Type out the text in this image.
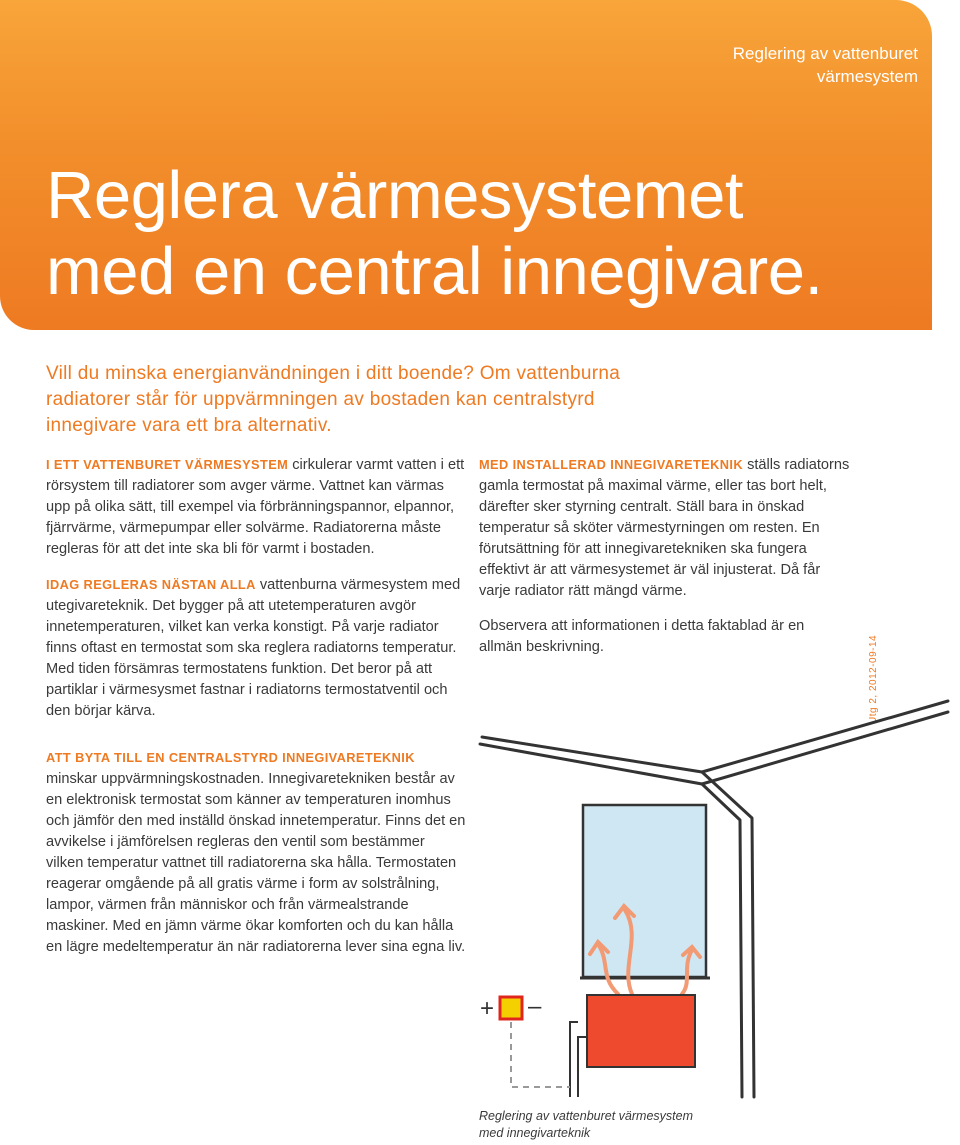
Reglering av vattenburet värmesystem
Reglera värmesystemet
med en central innegivare.

Vill du minska energianvändningen i ditt boende? Om vattenburna radiatorer står för uppvärmningen av bostaden kan centralstyrd innegivare vara ett bra alternativ.

I ETT VATTENBURET VÄRMESYSTEM cirkulerar varmt vatten i ett rörsystem till radiatorer som avger värme. Vattnet kan värmas upp på olika sätt, till exempel via förbränningspannor, elpannor, fjärrvärme, värmepumpar eller solvärme. Radiatorerna måste regleras för att det inte ska bli för varmt i bostaden.

IDAG REGLERAS NÄSTAN ALLA vattenburna värmesystem med utegivareteknik. Det bygger på att utetemperaturen avgör innetemperaturen, vilket kan verka konstigt. På varje radiator finns oftast en termostat som ska reglera radiatorns temperatur. Med tiden försämras termostatens funktion. Det beror på att partiklar i värmesysmet fastnar i radiatorns termostatventil och den börjar kärva.

ATT BYTA TILL EN CENTRALSTYRD INNEGIVARETEKNIK minskar uppvärmningskostnaden. Innegivaretekniken består av en elektronisk termostat som känner av temperaturen inomhus och jämför den med inställd önskad innetemperatur. Finns det en avvikelse i jämförelsen regleras den ventil som bestämmer vilken temperatur vattnet till radiatorerna ska hålla. Termostaten reagerar omgående på all gratis värme i form av solstrålning, lampor, värmen från människor och från värmealstrande maskiner. Med en jämn värme ökar komforten och du kan hålla en lägre medeltemperatur än när radiatorerna lever sina egna liv.

MED INSTALLERAD INNEGIVARETEKNIK ställs radiatorns gamla termostat på maximal värme, eller tas bort helt, därefter sker styrning centralt. Ställ bara in önskad temperatur så sköter värmestyrningen om resten. En förutsättning för att innegivaretekniken ska fungera effektivt är att värmesystemet är väl injusterat. Då får varje radiator rätt mängd värme.

Observera att informationen i detta faktablad är en allmän beskrivning.	Utg 2, 2012-09-14
+ –
Reglering av vattenburet värmesystem
med innegivarteknik
